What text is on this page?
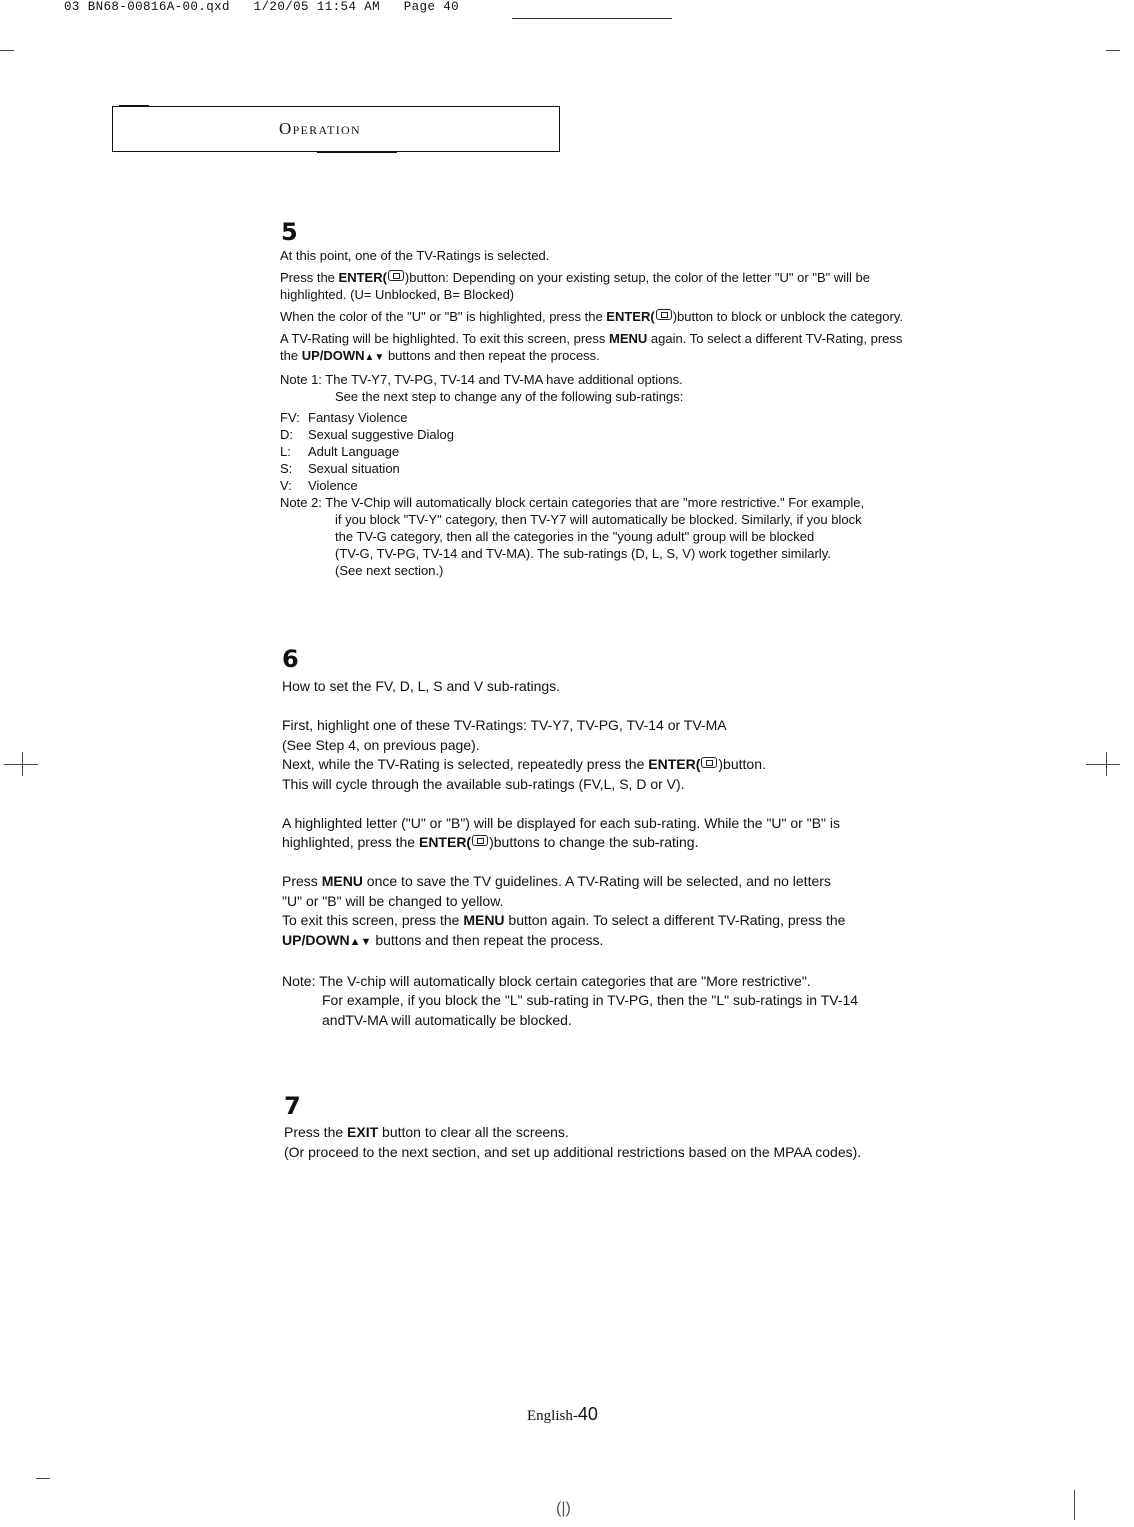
03 BN68-00816A-00.qxd   1/20/05 11:54 AM   Page 40
Operation
5
At this point, one of the TV-Ratings is selected.
Press the ENTER( )button: Depending on your existing setup, the color of the letter "U" or "B" will be
highlighted. (U= Unblocked, B= Blocked)
When the color of the "U" or "B" is highlighted, press the ENTER( )button to block or unblock the category.
A TV-Rating will be highlighted. To exit this screen, press MENU again. To select a different TV-Rating, press
the UP/DOWN▲▼ buttons and then repeat the process.
Note 1: The TV-Y7, TV-PG, TV-14 and TV-MA have additional options.
See the next step to change any of the following sub-ratings:
FV: Fantasy Violence
D: Sexual suggestive Dialog
L: Adult Language
S: Sexual situation
V: Violence
Note 2: The V-Chip will automatically block certain categories that are "more restrictive." For example,
if you block "TV-Y" category, then TV-Y7 will automatically be blocked. Similarly, if you block
the TV-G category, then all the categories in the "young adult" group will be blocked
(TV-G, TV-PG, TV-14 and TV-MA). The sub-ratings (D, L, S, V) work together similarly.
(See next section.)
6
How to set the FV, D, L, S and V sub-ratings.
First, highlight one of these TV-Ratings: TV-Y7, TV-PG, TV-14 or TV-MA
(See Step 4, on previous page).
Next, while the TV-Rating is selected, repeatedly press the ENTER( )button.
This will cycle through the available sub-ratings (FV,L, S, D or V).
A highlighted letter ("U" or "B") will be displayed for each sub-rating. While the "U" or "B" is
highlighted, press the ENTER( )buttons to change the sub-rating.
Press MENU once to save the TV guidelines. A TV-Rating will be selected, and no letters
"U" or "B" will be changed to yellow.
To exit this screen, press the MENU button again. To select a different TV-Rating, press the
UP/DOWN▲▼ buttons and then repeat the process.
Note: The V-chip will automatically block certain categories that are "More restrictive".
For example, if you block the "L" sub-rating in TV-PG, then the "L" sub-ratings in TV-14
andTV-MA will automatically be blocked.
7
Press the EXIT button to clear all the screens.
(Or proceed to the next section, and set up additional restrictions based on the MPAA codes).
English-40
(|)
